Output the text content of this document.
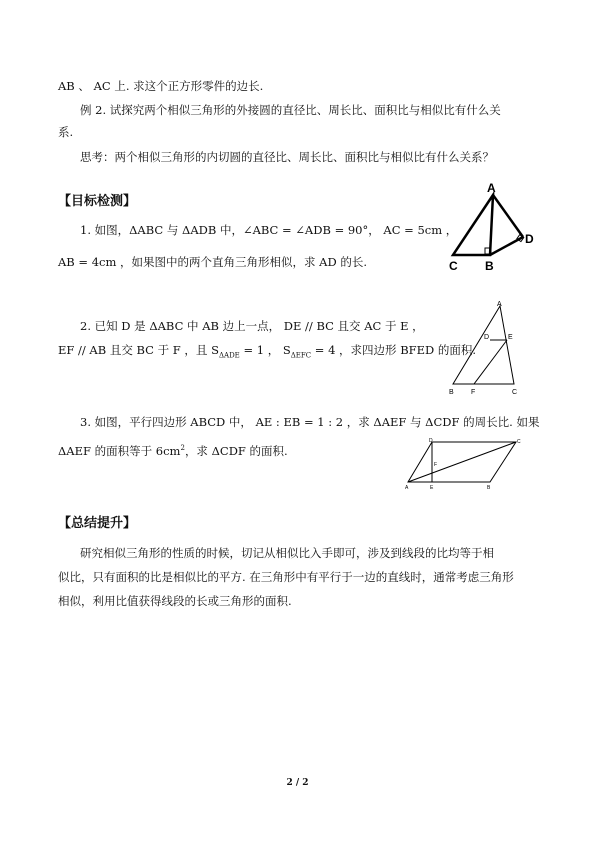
AB 、 AC 上. 求这个正方形零件的边长.
例 2. 试探究两个相似三角形的外接圆的直径比、周长比、面积比与相似比有什么关
系.
思考：两个相似三角形的内切圆的直径比、周长比、面积比与相似比有什么关系？
【目标检测】
1. 如图，ΔABC 与 ΔADB 中，∠ABC = ∠ADB = 90°， AC = 5cm ，
AB = 4cm ，如果图中的两个直角三角形相似，求 AD 的长.
2. 已知 D 是 ΔABC 中 AB 边上一点， DE // BC 且交 AC 于 E ，
EF // AB 且交 BC 于 F ，且 $S_{\Delta ADE} = 1$ ， $S_{\Delta EFC} = 4$ ，求四边形 BFED 的面积.
3. 如图，平行四边形 ABCD 中， AE : EB = 1 : 2 ，求 ΔAEF 与 ΔCDF 的周长比. 如果
ΔAEF 的面积等于 $6cm^2$，求 ΔCDF 的面积.
A
C B
D
A
D	E
B F	C
D	C
F
A	E	B
【总结提升】
研究相似三角形的性质的时候，切记从相似比入手即可，涉及到线段的比均等于相
似比，只有面积的比是相似比的平方. 在三角形中有平行于一边的直线时，通常考虑三角形
相似，利用比值获得线段的长或三角形的面积.
2 / 2
